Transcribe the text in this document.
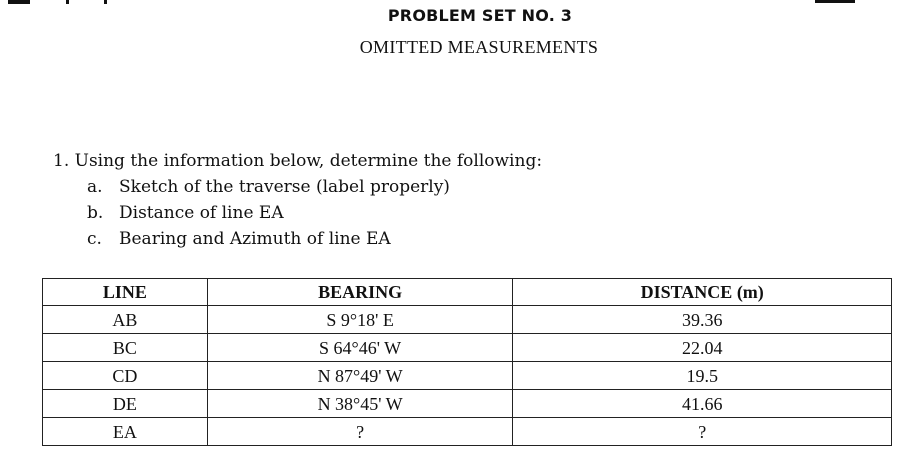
PROBLEM SET NO. 3
OMITTED MEASUREMENTS
1. Using the information below, determine the following:
a. Sketch of the traverse (label properly)
b. Distance of line EA
c.	Bearing and Azimuth of line EA
LINE	BEARING	DISTANCE (m)
AB	S 9°18' E	39.36
BC	S 64°46' W	22.04
CD	N 87°49' W	19.5
DE	N 38°45' W	41.66
EA	?	?
